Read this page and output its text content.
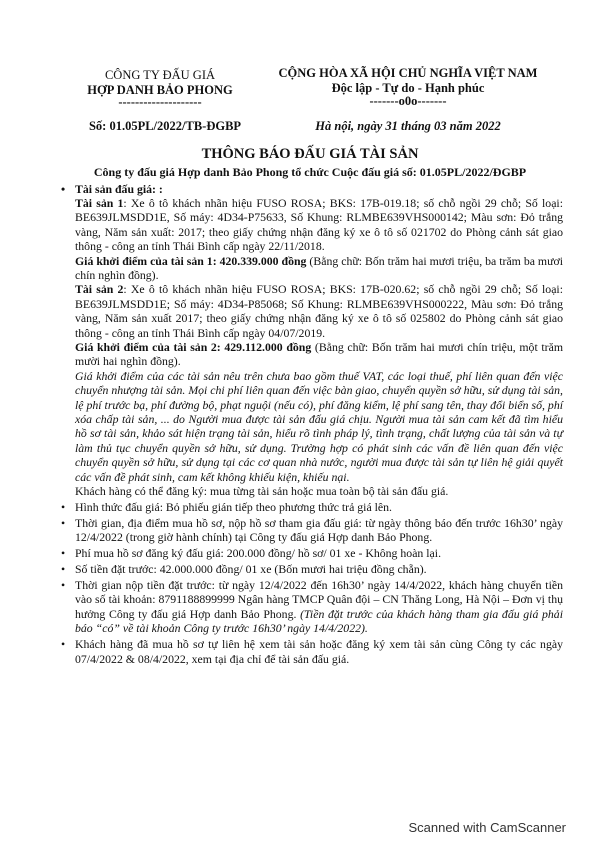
CÔNG TY ĐẤU GIÁ
HỢP DANH BẢO PHONG
--------------------
CỘNG HÒA XÃ HỘI CHỦ NGHĨA VIỆT NAM
Độc lập - Tự do - Hạnh phúc
-------o0o-------
Số: 01.05PL/2022/TB-ĐGBP	Hà nội, ngày 31 tháng 03 năm 2022
THÔNG BÁO ĐẤU GIÁ TÀI SẢN
Công ty đấu giá Hợp danh Bảo Phong tổ chức Cuộc đấu giá số: 01.05PL/2022/ĐGBP
• Tài sản đấu giá: :
Tài sản 1: Xe ô tô khách nhãn hiệu FUSO ROSA; BKS: 17B-019.18; số chỗ ngồi 29 chỗ; Số loại: BE639JLMSDD1E, Số máy: 4D34-P75633, Số Khung: RLMBE639VHS000142; Màu sơn: Đỏ trắng vàng, Năm sản xuất: 2017; theo giấy chứng nhận đăng ký xe ô tô số 021702 do Phòng cảnh sát giao thông - công an tỉnh Thái Bình cấp ngày 22/11/2018.
Giá khởi điểm của tài sản 1: 420.339.000 đồng (Bằng chữ: Bốn trăm hai mươi triệu, ba trăm ba mươi chín nghìn đồng).
Tài sản 2: Xe ô tô khách nhãn hiệu FUSO ROSA; BKS: 17B-020.62; số chỗ ngồi 29 chỗ; Số loại: BE639JLMSDD1E; Số máy: 4D34-P85068; Số Khung: RLMBE639VHS000222, Màu sơn: Đỏ trắng vàng, Năm sản xuất 2017; theo giấy chứng nhận đăng ký xe ô tô số 025802 do Phòng cảnh sát giao thông - công an tỉnh Thái Bình cấp ngày 04/07/2019.
Giá khởi điểm của tài sản 2: 429.112.000 đồng (Bằng chữ: Bốn trăm hai mươi chín triệu, một trăm mười hai nghìn đồng).
Giá khởi điểm của các tài sản nêu trên chưa bao gồm thuế VAT, các loại thuế, phí liên quan đến việc chuyển nhượng tài sản. Mọi chi phí liên quan đến việc bàn giao, chuyển quyền sở hữu, sử dụng tài sản, lệ phí trước bạ, phí đường bộ, phạt nguội (nếu có), phí đăng kiểm, lệ phí sang tên, thay đổi biển số, phí xóa chấp tài sản, ... do Người mua được tài sản đấu giá chịu. Người mua tài sản cam kết đã tìm hiểu hồ sơ tài sản, khảo sát hiện trạng tài sản, hiểu rõ tình pháp lý, tình trạng, chất lượng của tài sản và tự làm thủ tục chuyển quyền sở hữu, sử dụng. Trường hợp có phát sinh các vấn đề liên quan đến việc chuyển quyền sở hữu, sử dụng tại các cơ quan nhà nước, người mua được tài sản tự liên hệ giải quyết các vấn đề phát sinh, cam kết không khiếu kiện, khiếu nại.
Khách hàng có thể đăng ký: mua từng tài sản hoặc mua toàn bộ tài sản đấu giá.
• Hình thức đấu giá: Bỏ phiếu gián tiếp theo phương thức trả giá lên.
• Thời gian, địa điểm mua hồ sơ, nộp hồ sơ tham gia đấu giá: từ ngày thông báo đến trước 16h30’ ngày 12/4/2022 (trong giờ hành chính) tại Công ty đấu giá Hợp danh Bảo Phong.
• Phí mua hồ sơ đăng ký đấu giá: 200.000 đồng/ hồ sơ/ 01 xe - Không hoàn lại.
• Số tiền đặt trước: 42.000.000 đồng/ 01 xe (Bốn mươi hai triệu đồng chẵn).
• Thời gian nộp tiền đặt trước: từ ngày 12/4/2022 đến 16h30’ ngày 14/4/2022, khách hàng chuyển tiền vào số tài khoản: 8791188899999 Ngân hàng TMCP Quân đội – CN Thăng Long, Hà Nội – Đơn vị thụ hưởng Công ty đấu giá Hợp danh Bảo Phong. (Tiền đặt trước của khách hàng tham gia đấu giá phải báo “có” về tài khoản Công ty trước 16h30’ ngày 14/4/2022).
• Khách hàng đã mua hồ sơ tự liên hệ xem tài sản hoặc đăng ký xem tài sản cùng Công ty các ngày 07/4/2022 & 08/4/2022, xem tại địa chỉ để tài sản đấu giá.
Scanned with CamScanner
